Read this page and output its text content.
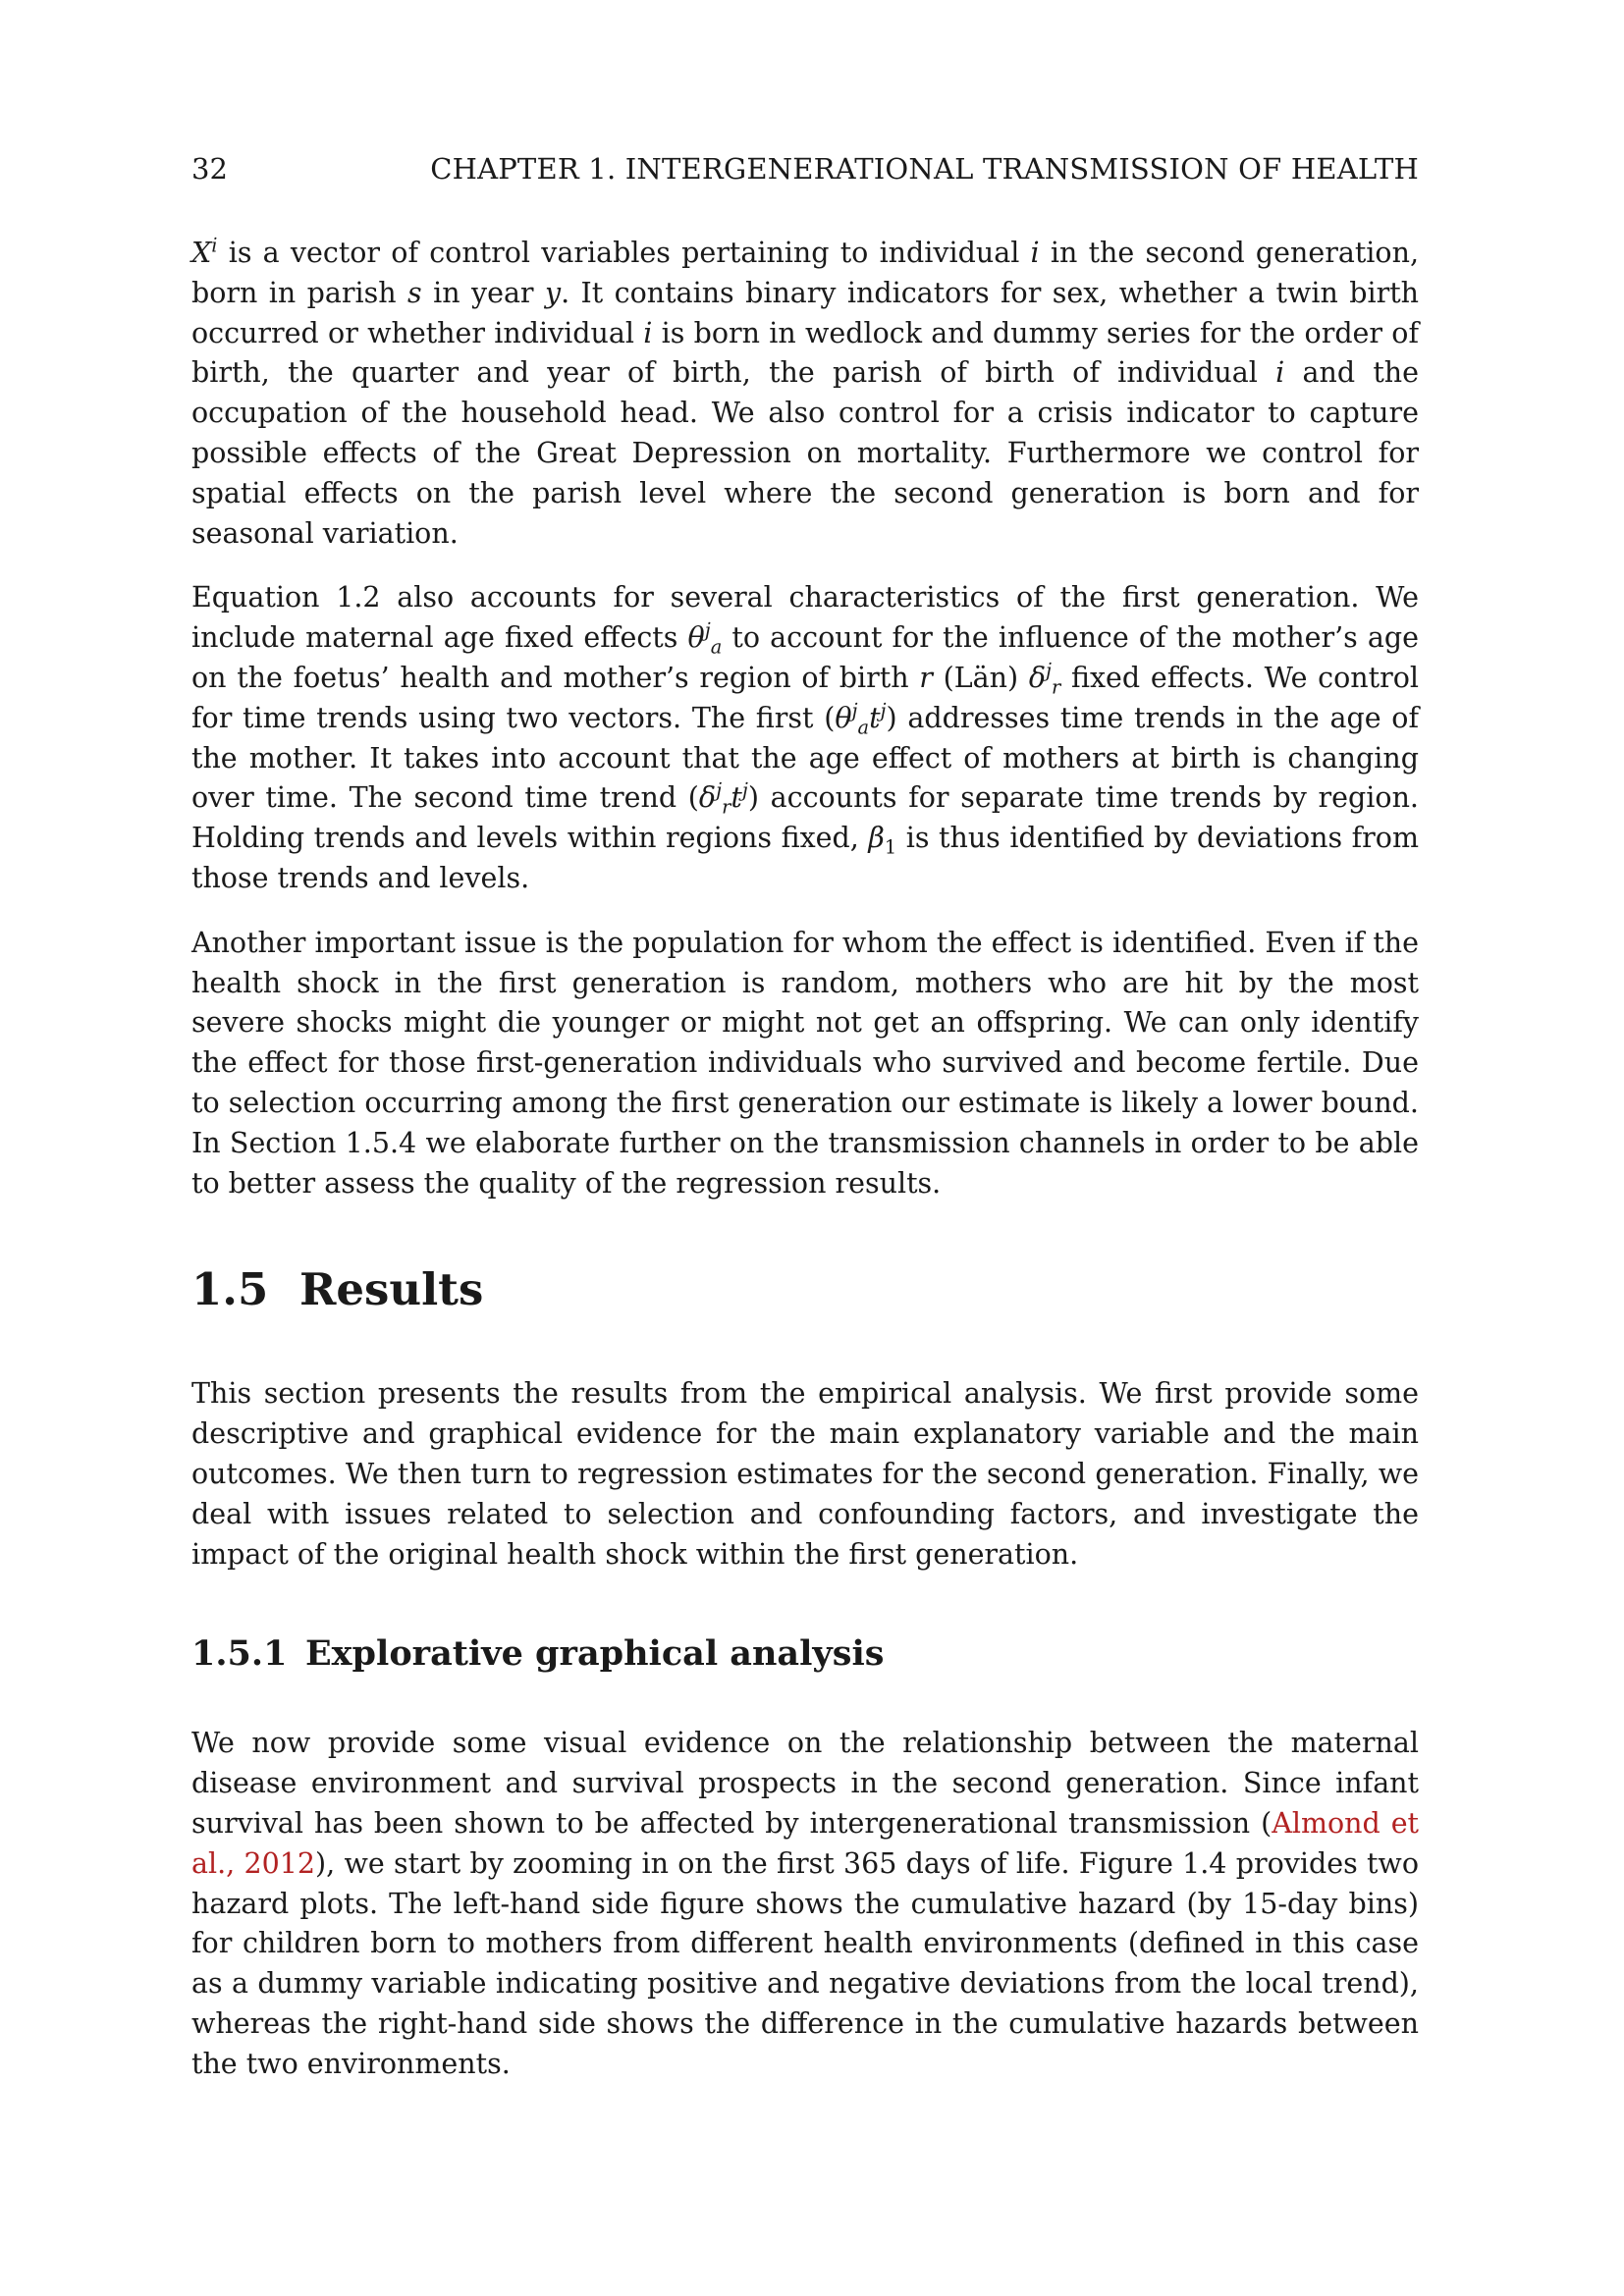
32	CHAPTER 1. INTERGENERATIONAL TRANSMISSION OF HEALTH

$X^i$ is a vector of control variables pertaining to individual i in the second generation, born in parish s in year y. It contains binary indicators for sex, whether a twin birth occurred or whether individual i is born in wedlock and dummy series for the order of birth, the quarter and year of birth, the parish of birth of individual i and the occupation of the household head. We also control for a crisis indicator to capture possible effects of the Great Depression on mortality. Furthermore we control for spatial effects on the parish level where the second generation is born and for seasonal variation.

Equation 1.2 also accounts for several characteristics of the first generation. We include maternal age fixed effects $\theta^j_a$ to account for the influence of the mother’s age on the foetus’ health and mother’s region of birth r (Län) $\delta^j_r$ fixed effects. We control for time trends using two vectors. The first $(\theta^j_at^j)$ addresses time trends in the age of the mother. It takes into account that the age effect of mothers at birth is changing over time. The second time trend $(\delta^j_rt^j)$ accounts for separate time trends by region. Holding trends and levels within regions fixed, $\beta_1$ is thus identified by deviations from those trends and levels.

Another important issue is the population for whom the effect is identified. Even if the health shock in the first generation is random, mothers who are hit by the most severe shocks might die younger or might not get an offspring. We can only identify the effect for those first-generation individuals who survived and become fertile. Due to selection occurring among the first generation our estimate is likely a lower bound. In Section 1.5.4 we elaborate further on the transmission channels in order to be able to better assess the quality of the regression results.

1.5 Results

This section presents the results from the empirical analysis. We first provide some descriptive and graphical evidence for the main explanatory variable and the main outcomes. We then turn to regression estimates for the second generation. Finally, we deal with issues related to selection and confounding factors, and investigate the impact of the original health shock within the first generation.

1.5.1 Explorative graphical analysis

We now provide some visual evidence on the relationship between the maternal disease environment and survival prospects in the second generation. Since infant survival has been shown to be affected by intergenerational transmission (Almond et al., 2012), we start by zooming in on the first 365 days of life. Figure 1.4 provides two hazard plots. The left-hand side figure shows the cumulative hazard (by 15-day bins) for children born to mothers from different health environments (defined in this case as a dummy variable indicating positive and negative deviations from the local trend), whereas the right-hand side shows the difference in the cumulative hazards between the two environments.
